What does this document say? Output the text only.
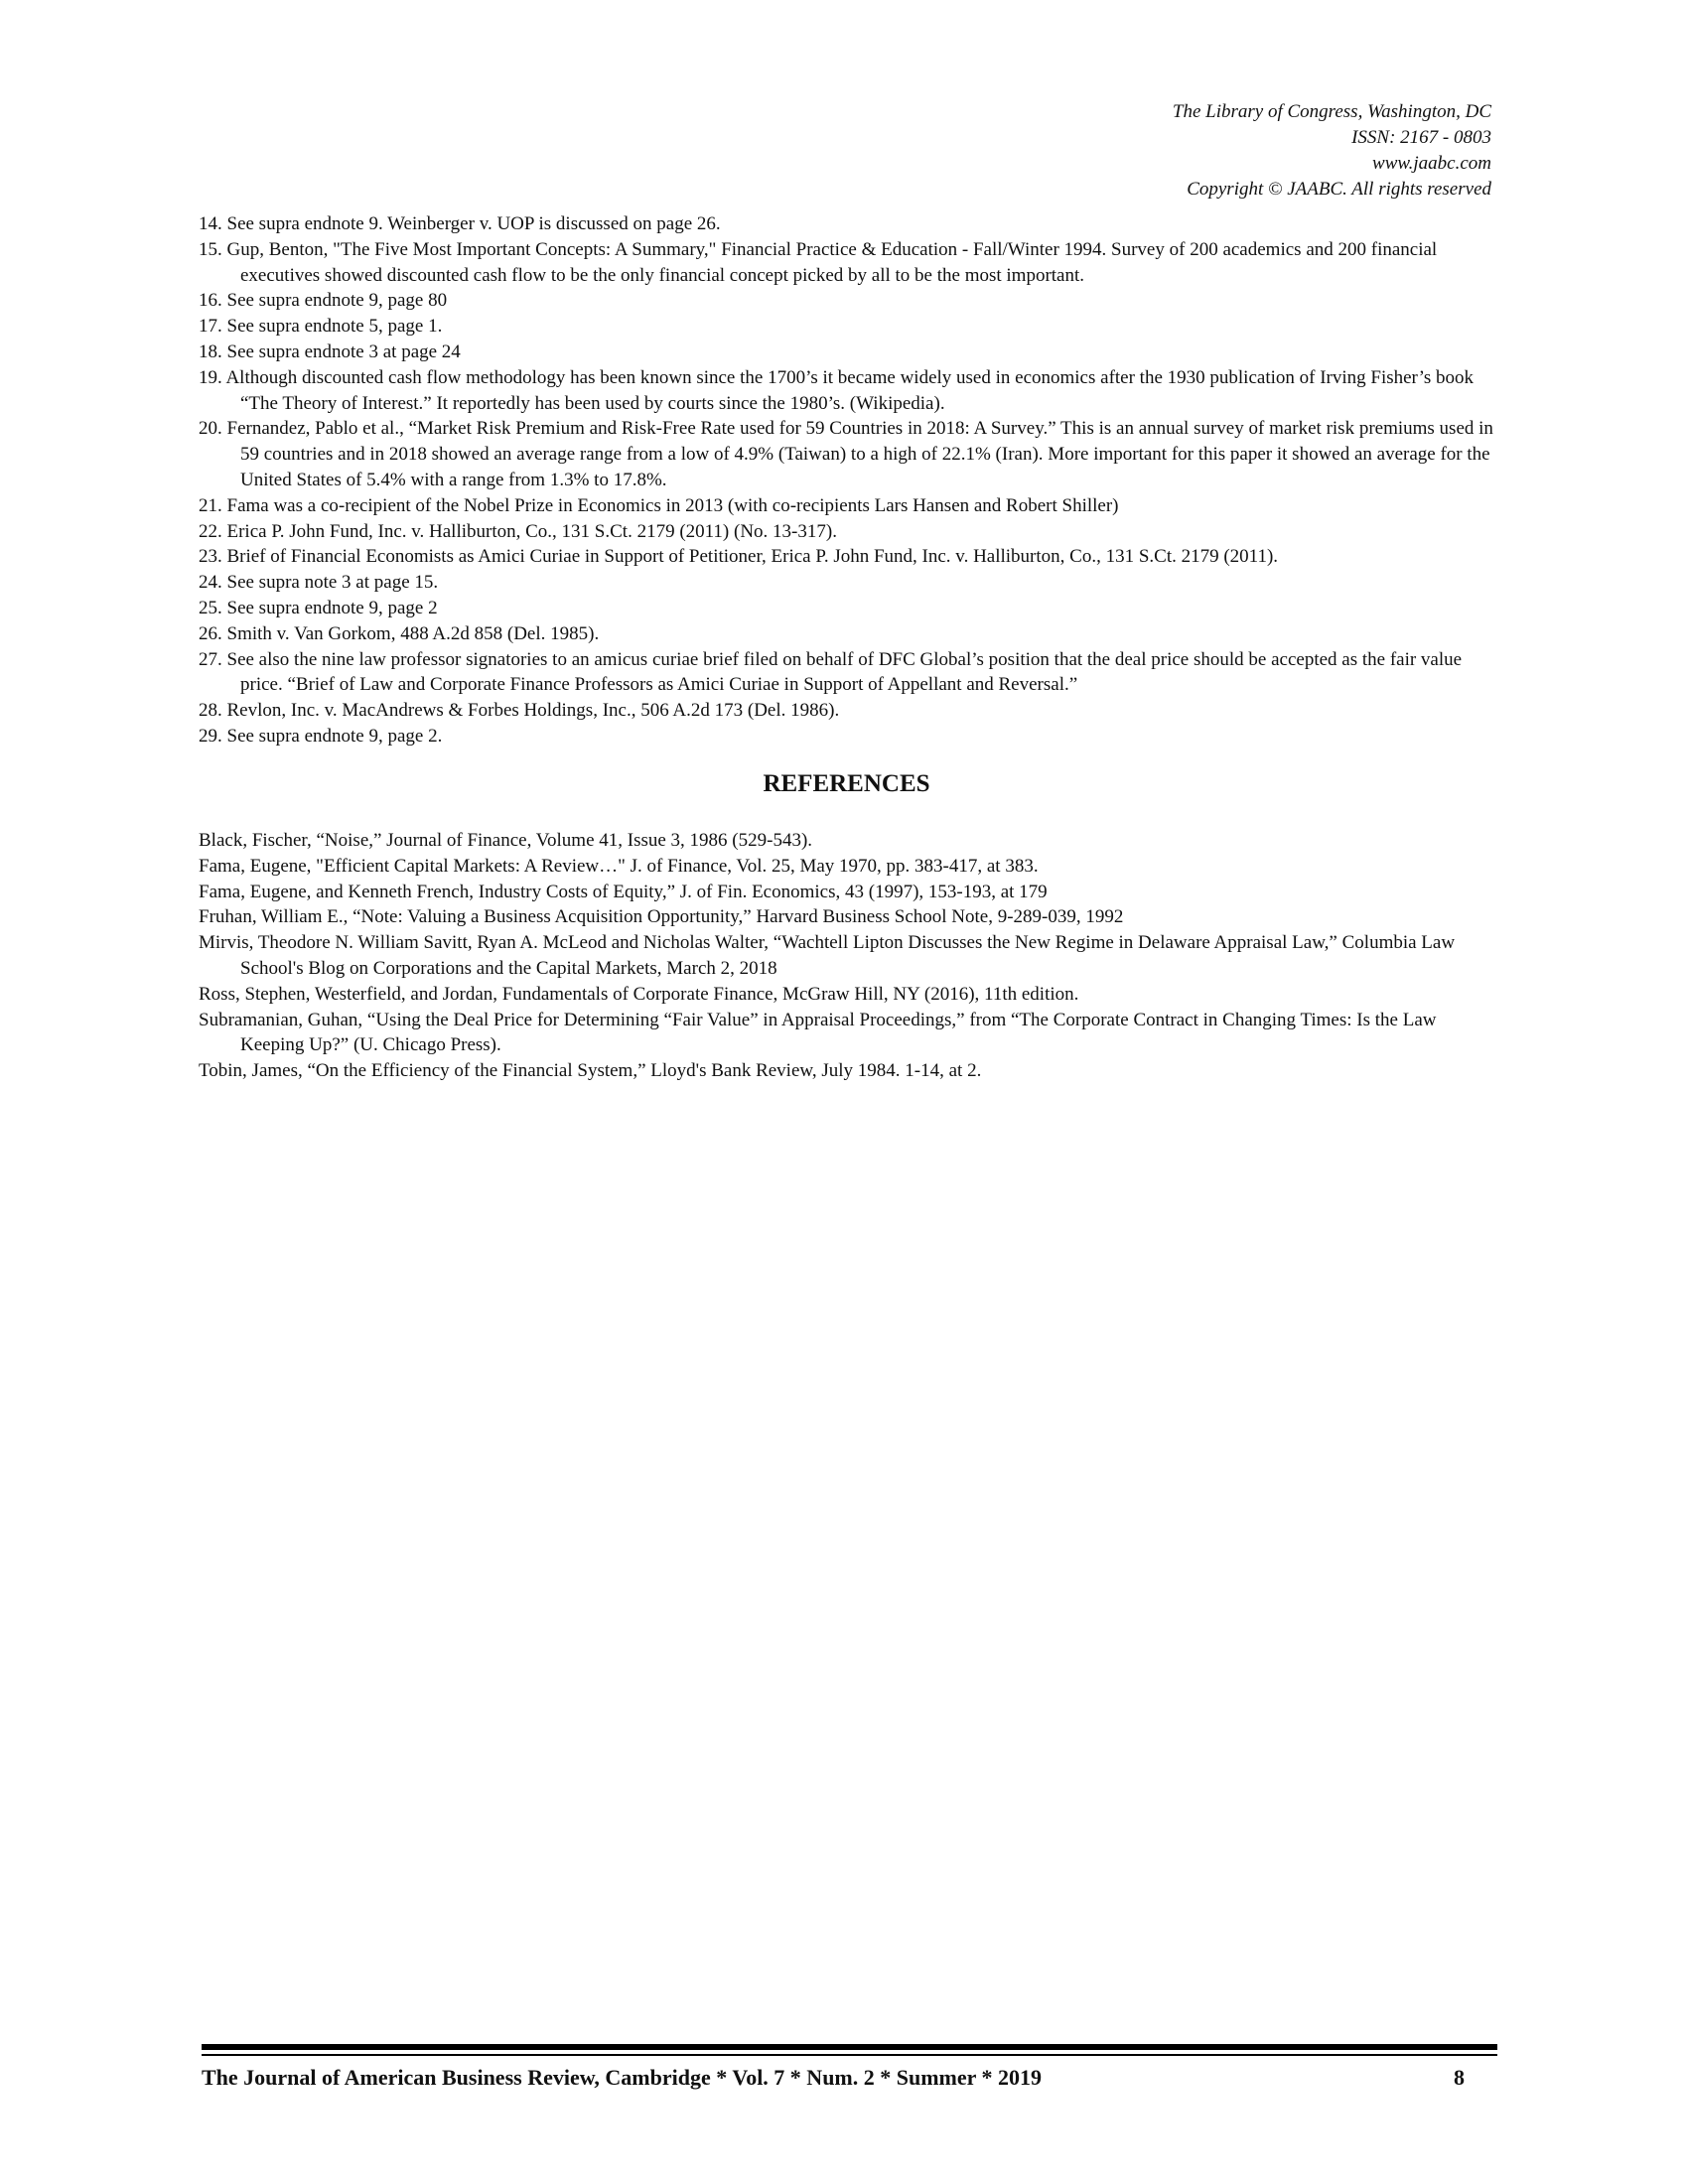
The Library of Congress, Washington, DC
ISSN: 2167 - 0803
www.jaabc.com
Copyright © JAABC. All rights reserved
14. See supra endnote 9. Weinberger v. UOP is discussed on page 26.
15. Gup, Benton, "The Five Most Important Concepts: A Summary," Financial Practice & Education - Fall/Winter 1994. Survey of 200 academics and 200 financial executives showed discounted cash flow to be the only financial concept picked by all to be the most important.
16. See supra endnote 9, page 80
17. See supra endnote 5, page 1.
18. See supra endnote 3 at page 24
19. Although discounted cash flow methodology has been known since the 1700’s it became widely used in economics after the 1930 publication of Irving Fisher’s book “The Theory of Interest.” It reportedly has been used by courts since the 1980’s. (Wikipedia).
20. Fernandez, Pablo et al., “Market Risk Premium and Risk-Free Rate used for 59 Countries in 2018: A Survey.” This is an annual survey of market risk premiums used in 59 countries and in 2018 showed an average range from a low of 4.9% (Taiwan) to a high of 22.1% (Iran). More important for this paper it showed an average for the United States of 5.4% with a range from 1.3% to 17.8%.
21. Fama was a co-recipient of the Nobel Prize in Economics in 2013 (with co-recipients Lars Hansen and Robert Shiller)
22. Erica P. John Fund, Inc. v. Halliburton, Co., 131 S.Ct. 2179 (2011) (No. 13-317).
23. Brief of Financial Economists as Amici Curiae in Support of Petitioner, Erica P. John Fund, Inc. v. Halliburton, Co., 131 S.Ct. 2179 (2011).
24. See supra note 3 at page 15.
25. See supra endnote 9, page 2
26. Smith v. Van Gorkom, 488 A.2d 858 (Del. 1985).
27. See also the nine law professor signatories to an amicus curiae brief filed on behalf of DFC Global’s position that the deal price should be accepted as the fair value price. “Brief of Law and Corporate Finance Professors as Amici Curiae in Support of Appellant and Reversal.”
28. Revlon, Inc. v. MacAndrews & Forbes Holdings, Inc., 506 A.2d 173 (Del. 1986).
29. See supra endnote 9, page 2.
REFERENCES
Black, Fischer, “Noise,” Journal of Finance, Volume 41, Issue 3, 1986 (529-543).
Fama, Eugene, "Efficient Capital Markets: A Review…" J. of Finance, Vol. 25, May 1970, pp. 383-417, at 383.
Fama, Eugene, and Kenneth French, Industry Costs of Equity,” J. of Fin. Economics, 43 (1997), 153-193, at 179
Fruhan, William E., “Note: Valuing a Business Acquisition Opportunity,” Harvard Business School Note, 9-289-039, 1992
Mirvis, Theodore N. William Savitt, Ryan A. McLeod and Nicholas Walter, “Wachtell Lipton Discusses the New Regime in Delaware Appraisal Law,” Columbia Law School's Blog on Corporations and the Capital Markets, March 2, 2018
Ross, Stephen, Westerfield, and Jordan, Fundamentals of Corporate Finance, McGraw Hill, NY (2016), 11th edition.
Subramanian, Guhan, “Using the Deal Price for Determining “Fair Value” in Appraisal Proceedings,” from “The Corporate Contract in Changing Times: Is the Law Keeping Up?” (U. Chicago Press).
Tobin, James, “On the Efficiency of the Financial System,” Lloyd's Bank Review, July 1984. 1-14, at 2.
The Journal of American Business Review, Cambridge * Vol. 7 * Num. 2 * Summer * 2019	8
